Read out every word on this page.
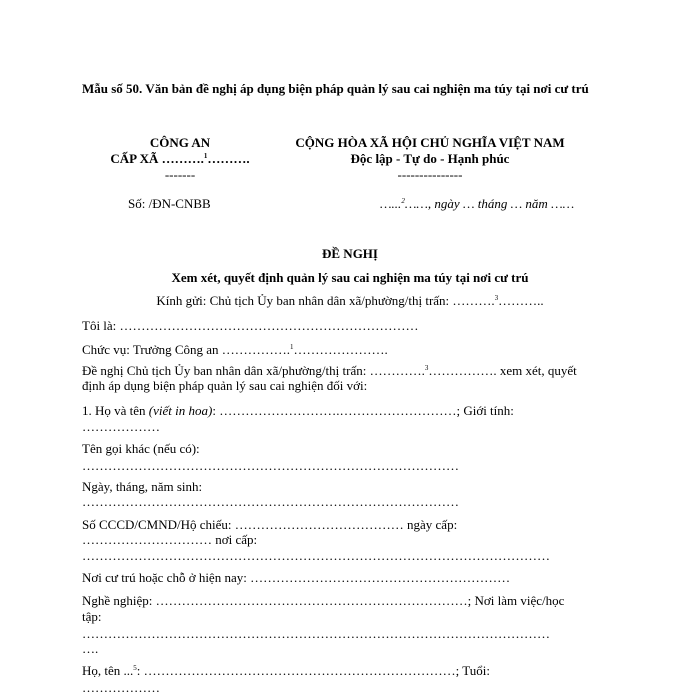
Mẫu số 50. Văn bản đề nghị áp dụng biện pháp quản lý sau cai nghiện ma túy tại nơi cư trú
CÔNG AN
CẤP XÃ ……….$^1$……….
-------
CỘNG HÒA XÃ HỘI CHỦ NGHĨA VIỆT NAM
Độc lập - Tự do - Hạnh phúc
---------------
Số: /ĐN-CNBB	…...$^2$……, ngày … tháng … năm ……
ĐỀ NGHỊ
Xem xét, quyết định quản lý sau cai nghiện ma túy tại nơi cư trú
Kính gửi: Chủ tịch Ủy ban nhân dân xã/phường/thị trấn: ……….$^3$………..
Tôi là: ……………………………………………………………
Chức vụ: Trưởng Công an …………….$^1$………………….
Đề nghị Chủ tịch Ủy ban nhân dân xã/phường/thị trấn: ………….$^3$……………. xem xét, quyết
định áp dụng biện pháp quản lý sau cai nghiện đối với:
1. Họ và tên (viết in hoa): ……………………….………………………; Giới tính:
………………
Tên gọi khác (nếu có):
……………………………………………………………………………
Ngày, tháng, năm sinh:
……………………………………………………………………………
Số CCCD/CMND/Hộ chiếu: ………………………………… ngày cấp:
………………………… nơi cấp:
………………………………………………………………………………………………
Nơi cư trú hoặc chỗ ở hiện nay: ……………………………………………………
Nghề nghiệp: ………………………………………………………………; Nơi làm việc/học
tập:
………………………………………………………………………………………………
….
Họ, tên ...$^5$: ………………………………………………………………; Tuổi:
………………
